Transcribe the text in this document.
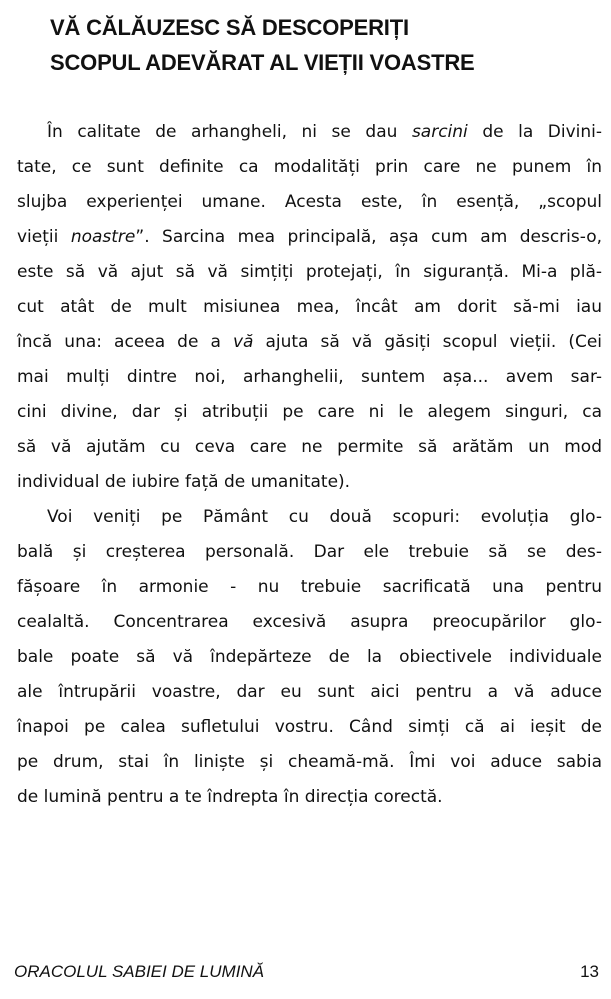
VĂ CĂLĂUZESC SĂ DESCOPERIȚI
SCOPUL ADEVĂRAT AL VIEȚII VOASTRE

În calitate de arhangheli, ni se dau sarcini de la Divini-
tate, ce sunt definite ca modalități prin care ne punem în
slujba experienței umane. Acesta este, în esență, „scopul
vieții noastre”. Sarcina mea principală, așa cum am descris-o,
este să vă ajut să vă simțiți protejați, în siguranță. Mi-a plă-
cut atât de mult misiunea mea, încât am dorit să-mi iau
încă una: aceea de a vă ajuta să vă găsiți scopul vieții. (Cei
mai mulți dintre noi, arhanghelii, suntem așa... avem sar-
cini divine, dar și atribuții pe care ni le alegem singuri, ca
să vă ajutăm cu ceva care ne permite să arătăm un mod
individual de iubire față de umanitate).

Voi veniți pe Pământ cu două scopuri: evoluția glo-
bală și creșterea personală. Dar ele trebuie să se des-
fășoare în armonie - nu trebuie sacrificată una pentru
cealaltă. Concentrarea excesivă asupra preocupărilor glo-
bale poate să vă îndepărteze de la obiectivele individuale
ale întrupării voastre, dar eu sunt aici pentru a vă aduce
înapoi pe calea sufletului vostru. Când simți că ai ieșit de
pe drum, stai în liniște și cheamă-mă. Îmi voi aduce sabia
de lumină pentru a te îndrepta în direcția corectă.

ORACOLUL SABIEI DE LUMINĂ	13
